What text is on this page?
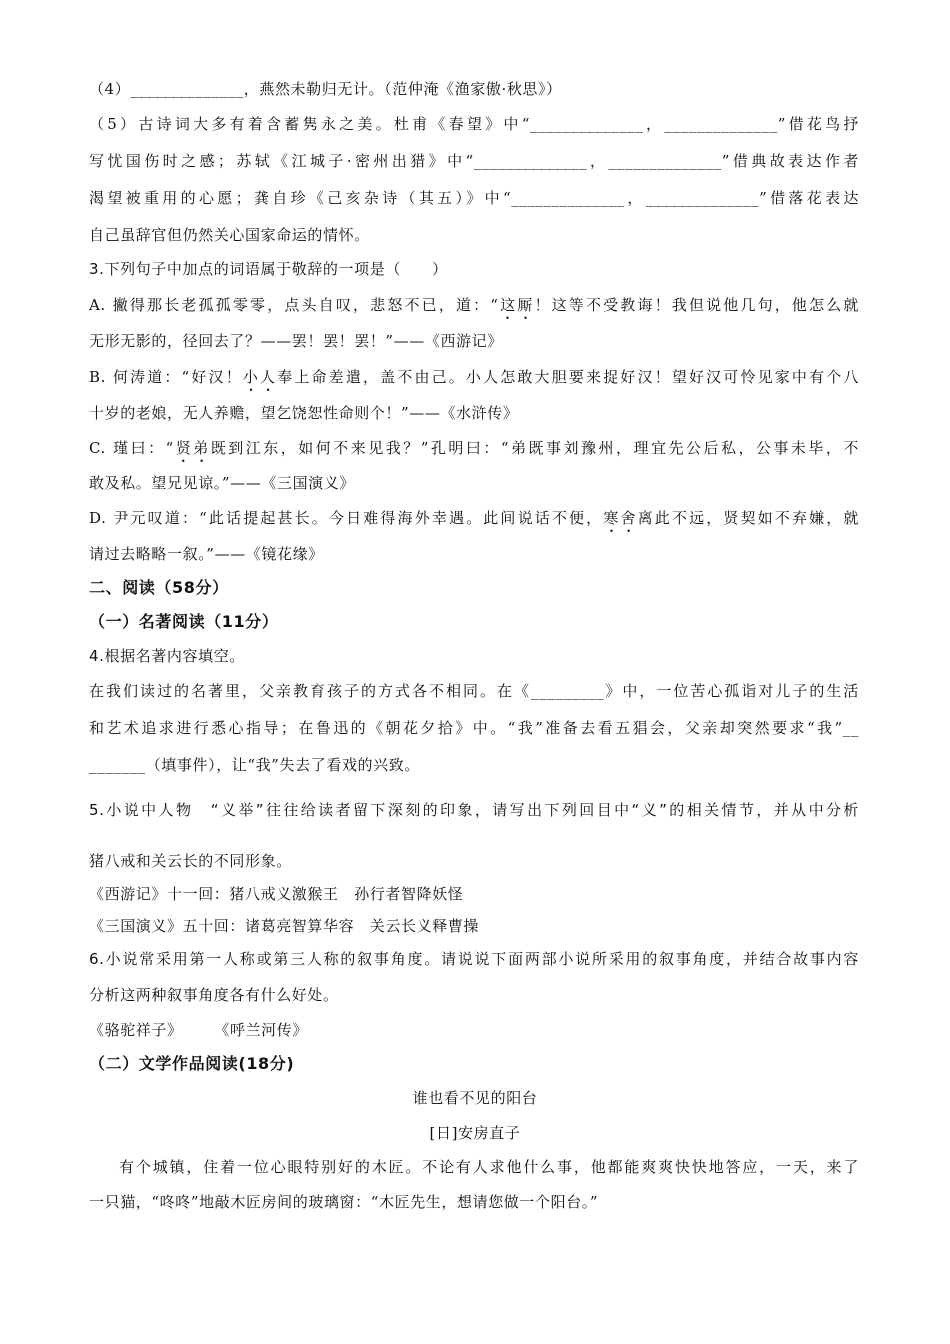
（4）______________，燕然未勒归无计。（范仲淹《渔家傲·秋思》）
（5）古诗词大多有着含蓄隽永之美。杜甫《春望》中“______________，______________”借花鸟抒
写忧国伤时之感；苏轼《江城子·密州出猎》中“______________，______________”借典故表达作者
渴望被重用的心愿；龚自珍《己亥杂诗（其五）》中“______________，______________”借落花表达
自己虽辞官但仍然关心国家命运的情怀。
3.下列句子中加点的词语属于敬辞的一项是（　　）
A. 撇得那长老孤孤零零，点头自叹，悲怒不已，道：“这厮！这等不受教诲！我但说他几句，他怎么就
无形无影的，径回去了？——罢！罢！罢！”——《西游记》
B. 何涛道：“好汉！小人奉上命差遣，盖不由己。小人怎敢大胆要来捉好汉！望好汉可怜见家中有个八
十岁的老娘，无人养赡，望乞饶恕性命则个！”——《水浒传》
C. 瑾曰：“贤弟既到江东，如何不来见我？”孔明曰：“弟既事刘豫州，理宜先公后私，公事未毕，不
敢及私。望兄见谅。”——《三国演义》
D. 尹元叹道：“此话提起甚长。今日难得海外幸遇。此间说话不便，寒舍离此不远，贤契如不弃嫌，就
请过去略略一叙。”——《镜花缘》
二、阅读（58分）
（一）名著阅读（11分）
4.根据名著内容填空。
在我们读过的名著里，父亲教育孩子的方式各不相同。在《_________》中，一位苦心孤诣对儿子的生活
和艺术追求进行悉心指导；在鲁迅的《朝花夕拾》中。“我”准备去看五猖会，父亲却突然要求“我”__
_______（填事件），让“我”失去了看戏的兴致。
5.小说中人物　“义举”往往给读者留下深刻的印象，请写出下列回目中“义”的相关情节，并从中分析
猪八戒和关云长的不同形象。
《西游记》十一回：猪八戒义激猴王　孙行者智降妖怪
《三国演义》五十回：诸葛亮智算华容　关云长义释曹操
6.小说常采用第一人称或第三人称的叙事角度。请说说下面两部小说所采用的叙事角度，并结合故事内容
分析这两种叙事角度各有什么好处。
《骆驼祥子》　　　《呼兰河传》
（二）文学作品阅读(18分)
谁也看不见的阳台
[日]安房直子
有个城镇，住着一位心眼特别好的木匠。不论有人求他什么事，他都能爽爽快快地答应，一天，来了
一只猫，“咚咚”地敲木匠房间的玻璃窗：“木匠先生，想请您做一个阳台。”
